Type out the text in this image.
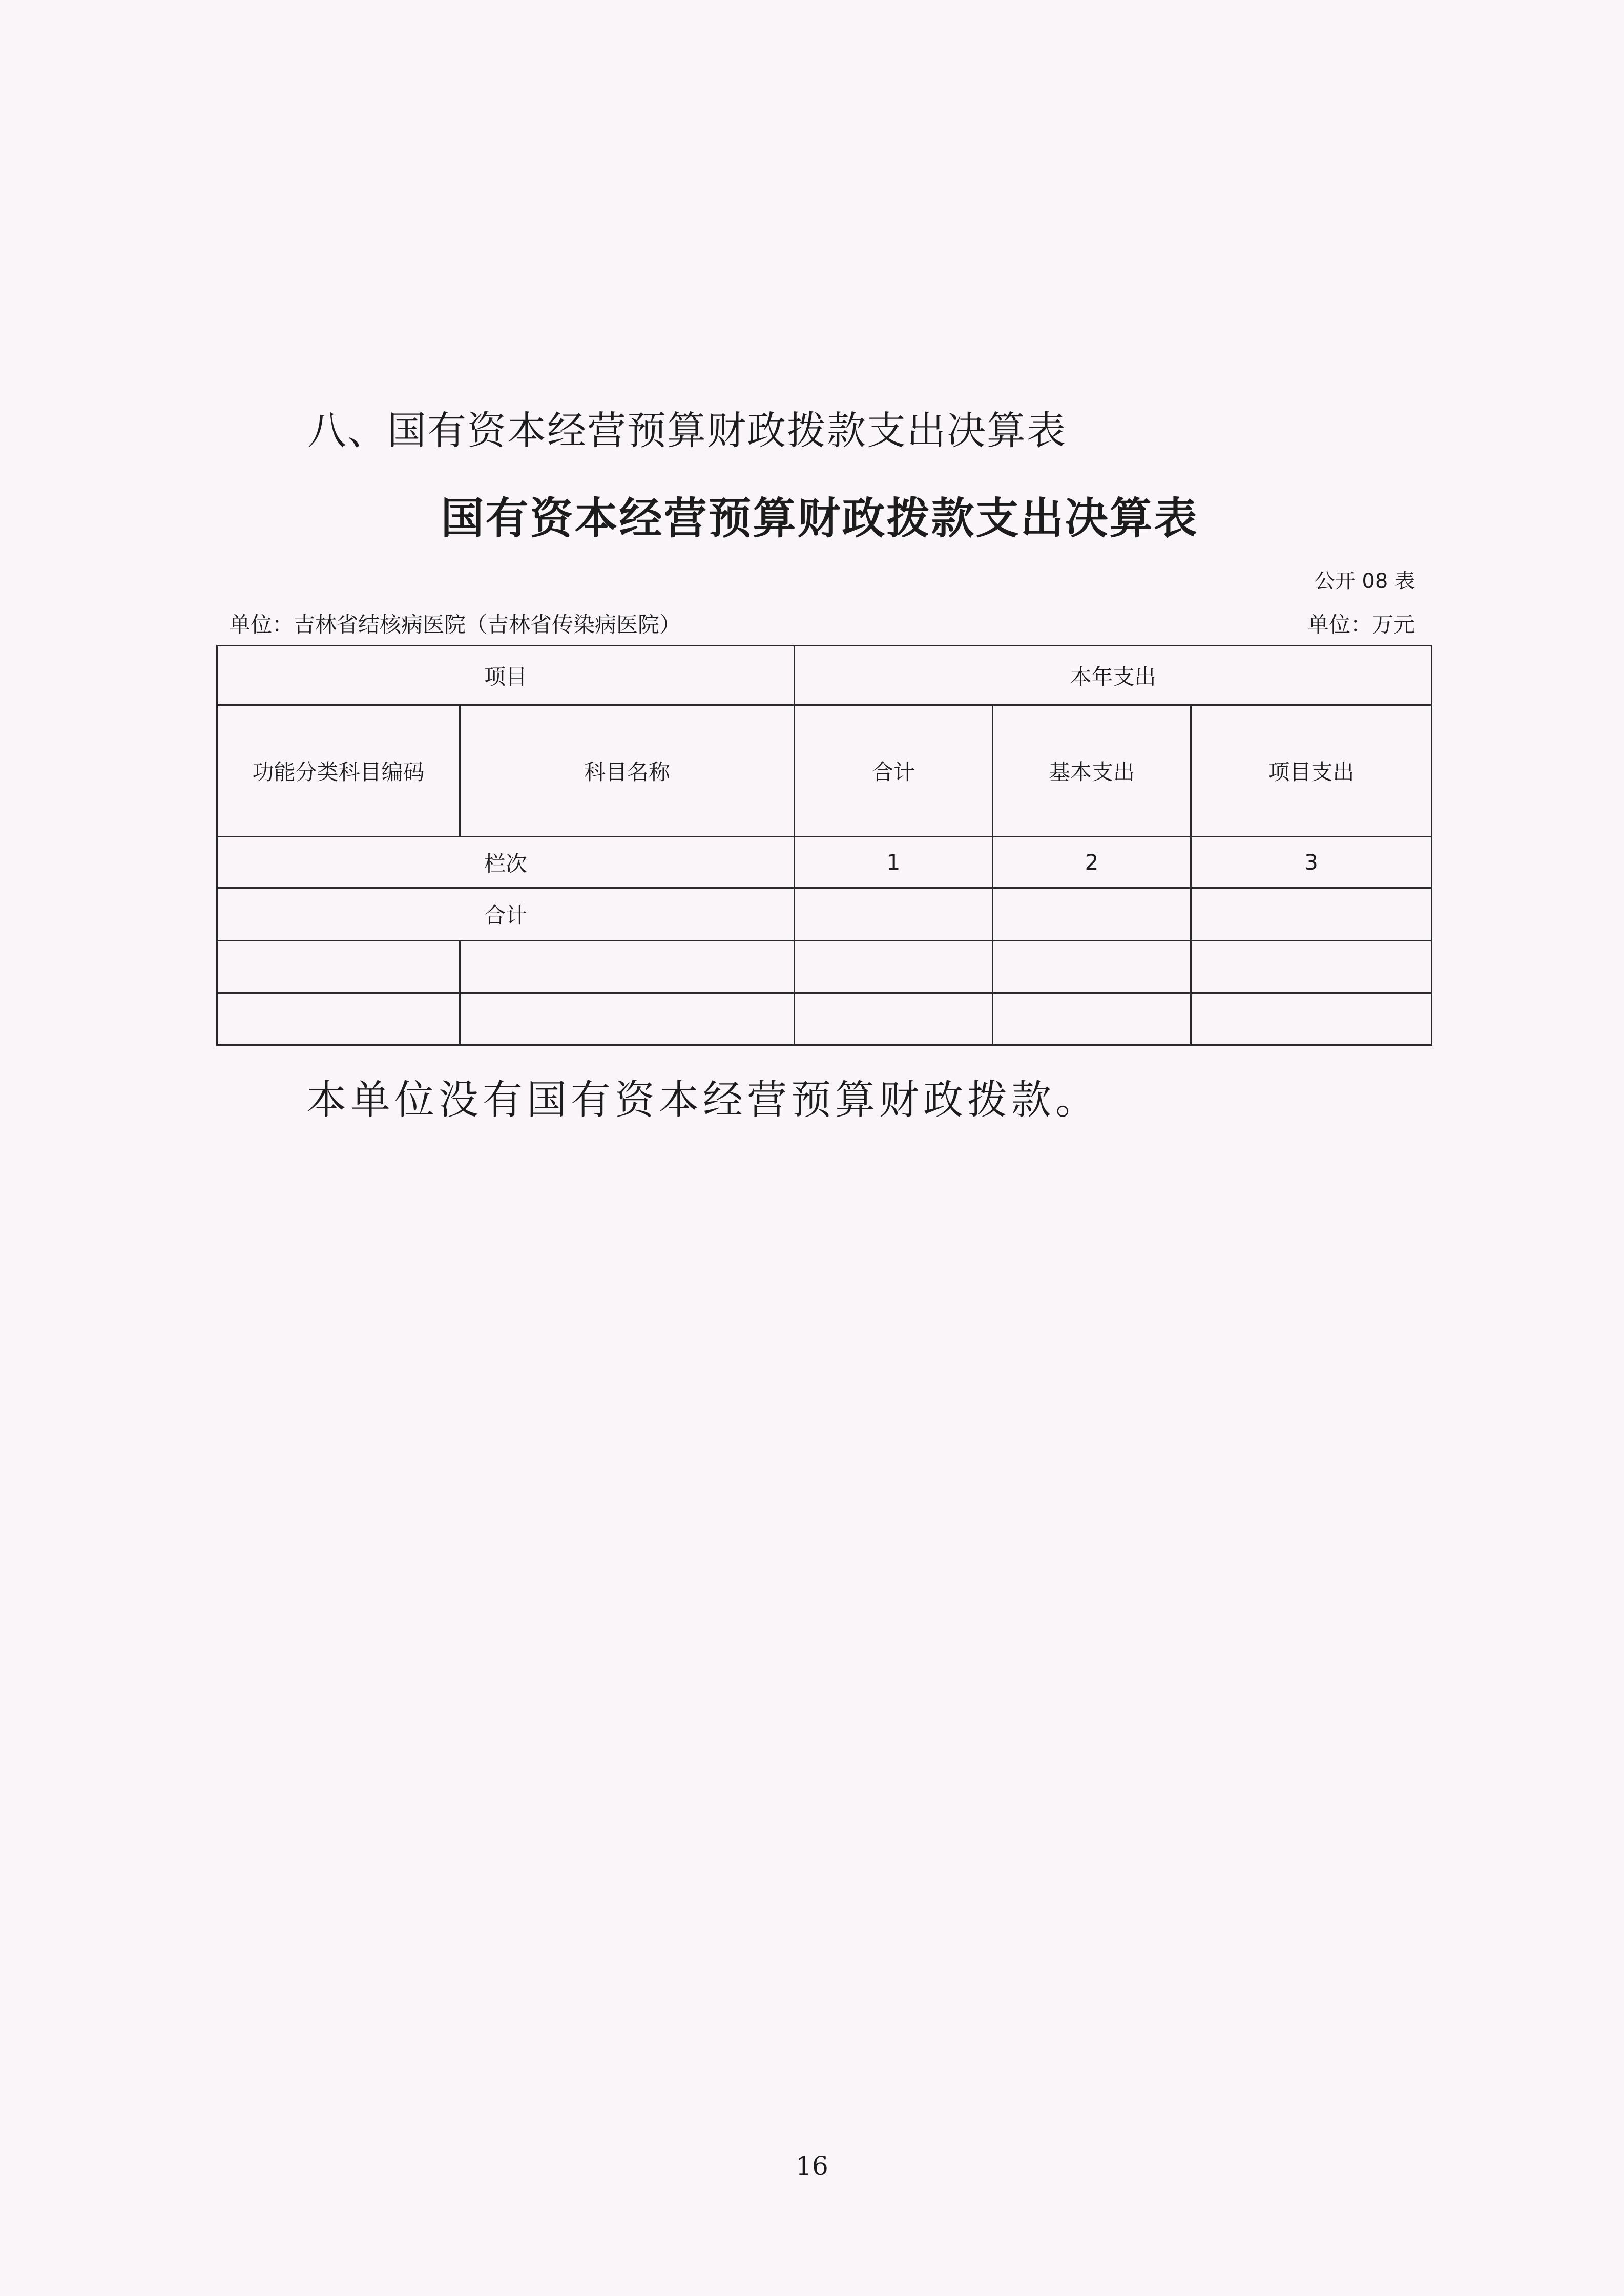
八、国有资本经营预算财政拨款支出决算表
国有资本经营预算财政拨款支出决算表
公开 08 表
单位：吉林省结核病医院（吉林省传染病医院）	单位：万元
项目		本年支出		
功能分类科目编码	科目名称	合计	基本支出	项目支出
栏次		1	2	3
合计				

本单位没有国有资本经营预算财政拨款。
16
